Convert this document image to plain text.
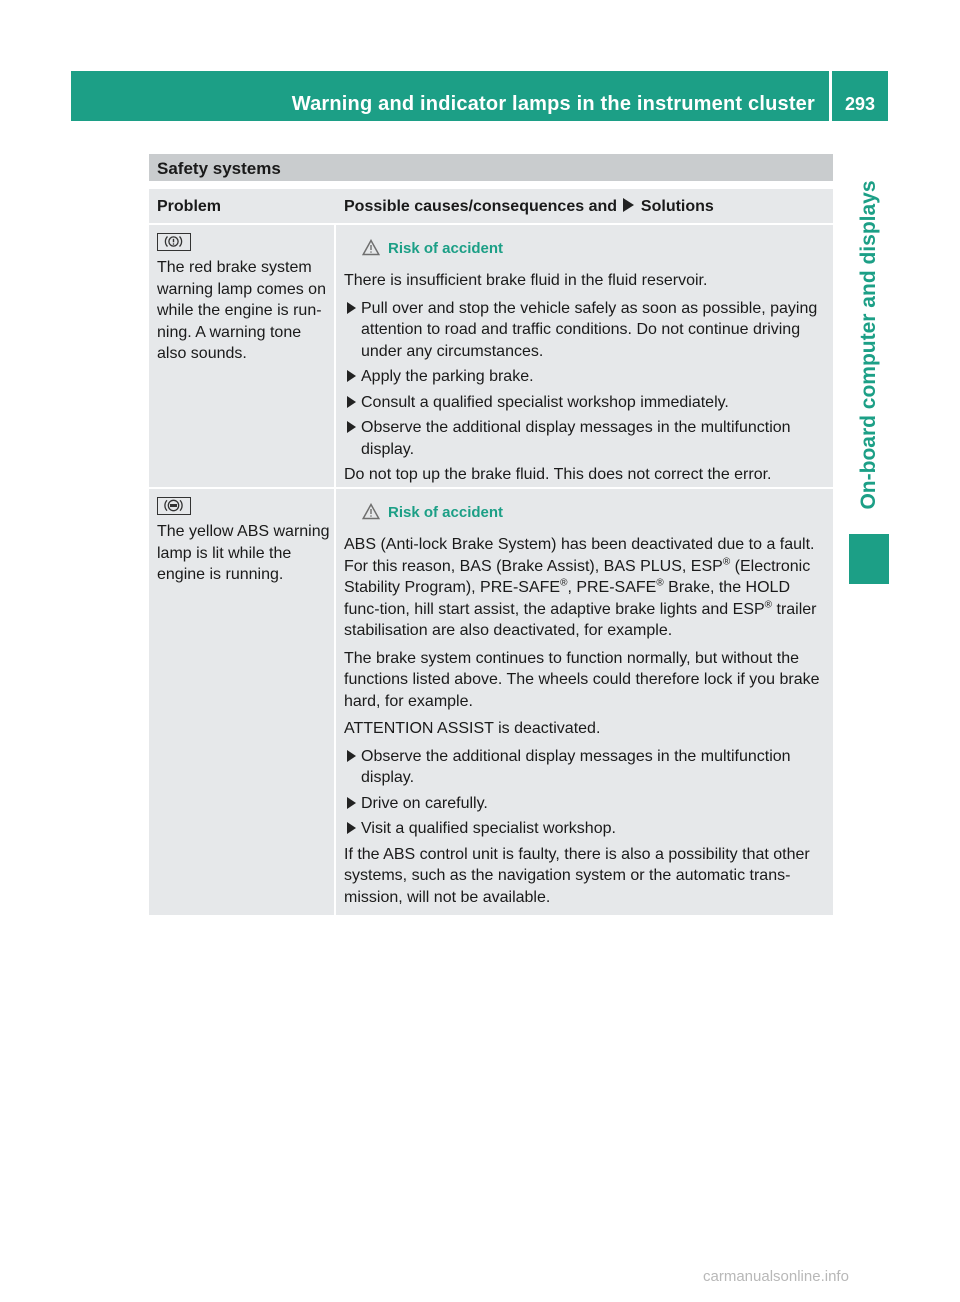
Warning and indicator lamps in the instrument cluster	293
On-board computer and displays
Safety systems
Problem	Possible causes/consequences and Solutions
The red brake system warning lamp comes on while the engine is run-ning. A warning tone also sounds.
Risk of accident
There is insufficient brake fluid in the fluid reservoir.
Pull over and stop the vehicle safely as soon as possible, paying attention to road and traffic conditions. Do not continue driving under any circumstances.
Apply the parking brake.
Consult a qualified specialist workshop immediately.
Observe the additional display messages in the multifunction display.
Do not top up the brake fluid. This does not correct the error.
The yellow ABS warning lamp is lit while the engine is running.
Risk of accident
ABS (Anti-lock Brake System) has been deactivated due to a fault. For this reason, BAS (Brake Assist), BAS PLUS, ESP® (Electronic Stability Program), PRE-SAFE®, PRE-SAFE® Brake, the HOLD func-tion, hill start assist, the adaptive brake lights and ESP® trailer stabilisation are also deactivated, for example.
The brake system continues to function normally, but without the functions listed above. The wheels could therefore lock if you brake hard, for example.
ATTENTION ASSIST is deactivated.
Observe the additional display messages in the multifunction display.
Drive on carefully.
Visit a qualified specialist workshop.
If the ABS control unit is faulty, there is also a possibility that other systems, such as the navigation system or the automatic trans-mission, will not be available.
carmanualsonline.info
